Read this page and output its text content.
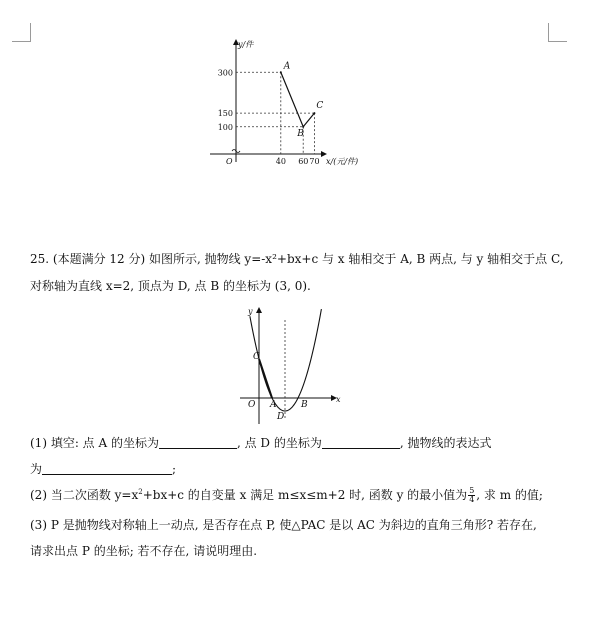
A
B
C
40 60 70
300
150
100
O
y/件
x/(元/件)
25. (本题满分 12 分) 如图所示, 抛物线 y=-x²+bx+c 与 x 轴相交于 A, B 两点, 与 y 轴相交于点 C,
对称轴为直线 x=2, 顶点为 D, 点 B 的坐标为 (3, 0).
C
A	B
D
O
x
y
(1) 填空: 点 A 的坐标为	, 点 D 的坐标为	, 抛物线的表达式
为	;
(2) 当二次函数 $y=x^2+bx+c$ 的自变量 x 满足 m≤x≤m+2 时, 函数 y 的最小值为 $\frac{5}{4}$ , 求 m 的值;
(3) P 是抛物线对称轴上一动点, 是否存在点 P, 使△PAC 是以 AC 为斜边的直角三角形? 若存在,
请求出点 P 的坐标; 若不存在, 请说明理由.
